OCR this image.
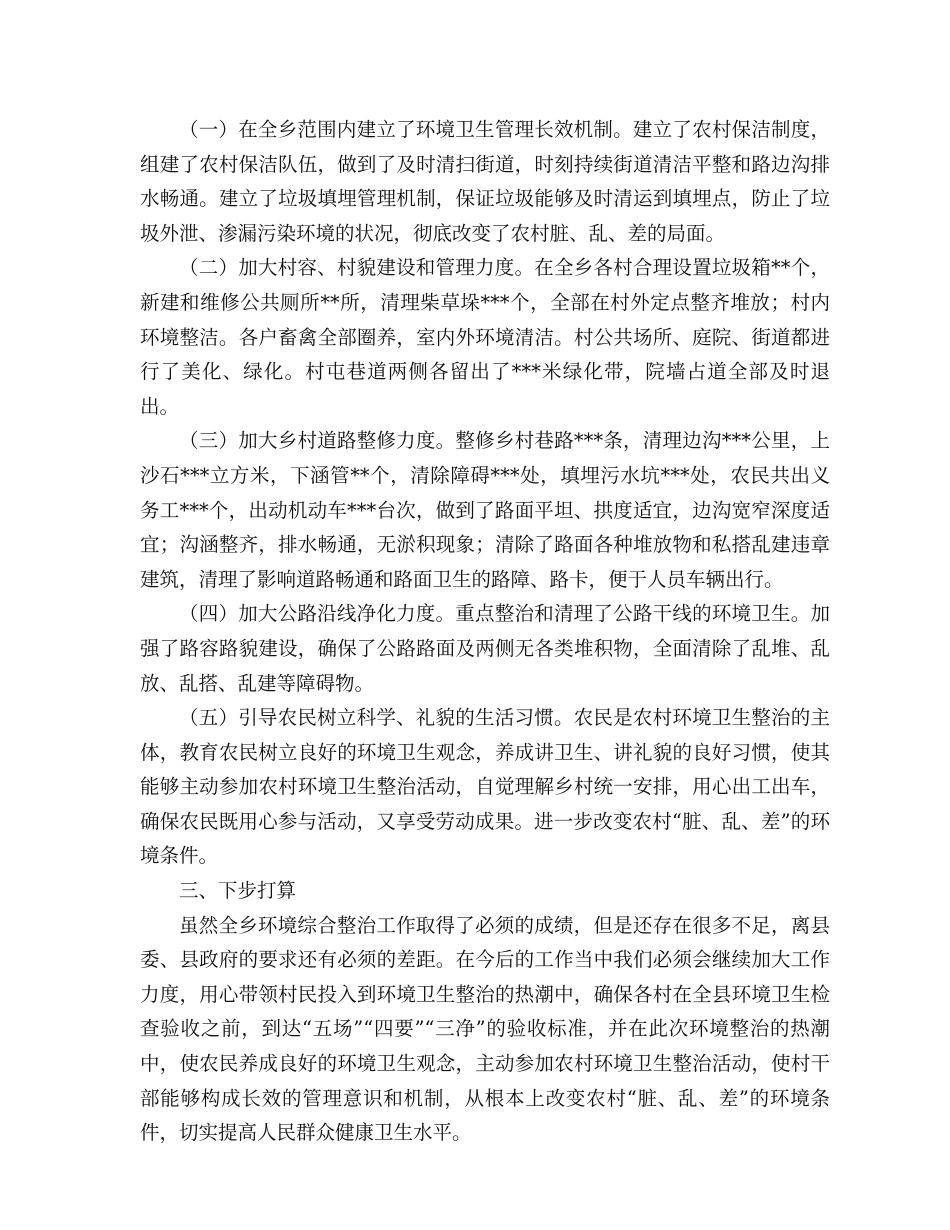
（一）在全乡范围内建立了环境卫生管理长效机制。建立了农村保洁制度，组建了农村保洁队伍，做到了及时清扫街道，时刻持续街道清洁平整和路边沟排水畅通。建立了垃圾填埋管理机制，保证垃圾能够及时清运到填埋点，防止了垃圾外泄、渗漏污染环境的状况，彻底改变了农村脏、乱、差的局面。

（二）加大村容、村貌建设和管理力度。在全乡各村合理设置垃圾箱**个，新建和维修公共厕所**所，清理柴草垛***个，全部在村外定点整齐堆放；村内环境整洁。各户畜禽全部圈养，室内外环境清洁。村公共场所、庭院、街道都进行了美化、绿化。村屯巷道两侧各留出了***米绿化带，院墙占道全部及时退出。

（三）加大乡村道路整修力度。整修乡村巷路***条，清理边沟***公里，上沙石***立方米，下涵管**个，清除障碍***处，填埋污水坑***处，农民共出义务工***个，出动机动车***台次，做到了路面平坦、拱度适宜，边沟宽窄深度适宜；沟涵整齐，排水畅通，无淤积现象；清除了路面各种堆放物和私搭乱建违章建筑，清理了影响道路畅通和路面卫生的路障、路卡，便于人员车辆出行。

（四）加大公路沿线净化力度。重点整治和清理了公路干线的环境卫生。加强了路容路貌建设，确保了公路路面及两侧无各类堆积物，全面清除了乱堆、乱放、乱搭、乱建等障碍物。

（五）引导农民树立科学、礼貌的生活习惯。农民是农村环境卫生整治的主体，教育农民树立良好的环境卫生观念，养成讲卫生、讲礼貌的良好习惯，使其能够主动参加农村环境卫生整治活动，自觉理解乡村统一安排，用心出工出车，确保农民既用心参与活动，又享受劳动成果。进一步改变农村“脏、乱、差”的环境条件。

三、下步打算

虽然全乡环境综合整治工作取得了必须的成绩，但是还存在很多不足，离县委、县政府的要求还有必须的差距。在今后的工作当中我们必须会继续加大工作力度，用心带领村民投入到环境卫生整治的热潮中，确保各村在全县环境卫生检查验收之前，到达“五场”“四要”“三净”的验收标准，并在此次环境整治的热潮中，使农民养成良好的环境卫生观念，主动参加农村环境卫生整治活动，使村干部能够构成长效的管理意识和机制，从根本上改变农村“脏、乱、差”的环境条件，切实提高人民群众健康卫生水平。
